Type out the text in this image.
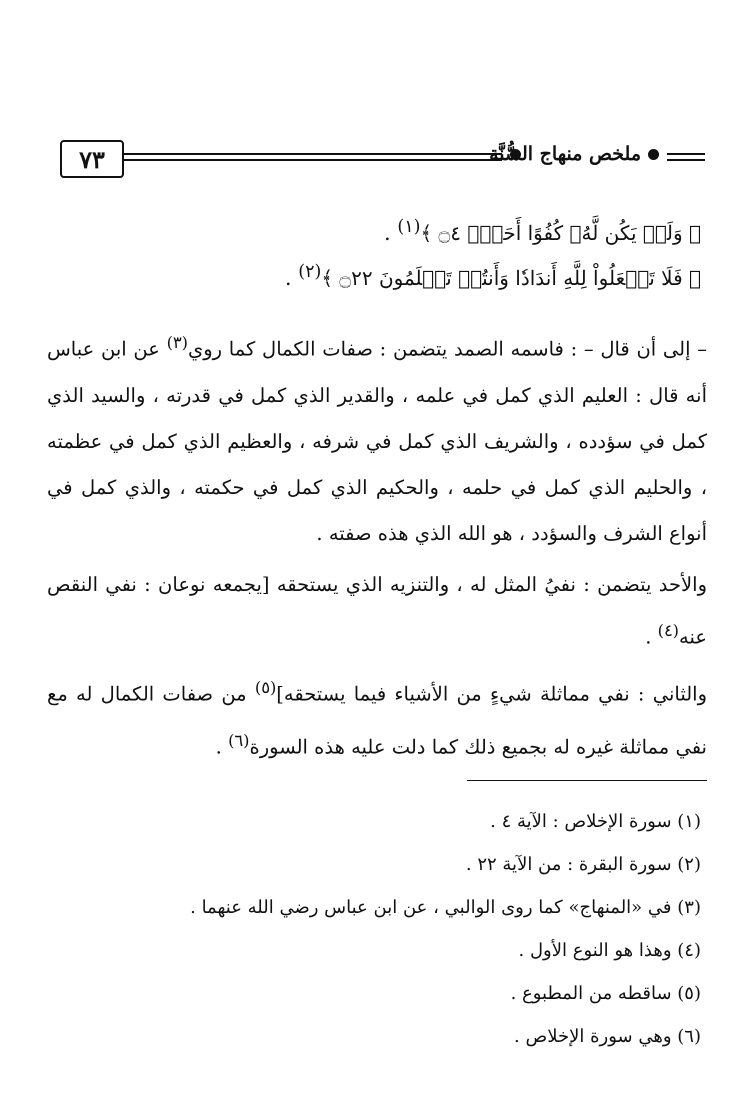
٧٣	ملخص منهاج السُّنَّة
﴿ وَلَمۡ يَكُن لَّهُۥ كُفُوًا أَحَدُۢ ۝٤ ﴾$^{(١)}$ .
﴿ فَلَا تَجۡعَلُواْ لِلَّهِ أَندَادٗا وَأَنتُمۡ تَعۡلَمُونَ ۝٢٢ ﴾$^{(٢)}$ .

– إلى أن قال – : فاسمه الصمد يتضمن : صفات الكمال كما روي$^{(٣)}$ عن ابن عباس أنه قال : العليم الذي كمل في علمه ، والقدير الذي كمل في قدرته ، والسيد الذي كمل في سؤدده ، والشريف الذي كمل في شرفه ، والعظيم الذي كمل في عظمته ، والحليم الذي كمل في حلمه ، والحكيم الذي كمل في حكمته ، والذي كمل في أنواع الشرف والسؤدد ، هو الله الذي هذه صفته .

والأحد يتضمن : نفيُ المثل له ، والتنزيه الذي يستحقه [يجمعه نوعان : نفي النقص عنه$^{(٤)}$ .

والثاني : نفي مماثلة شيءٍ من الأشياء فيما يستحقه]$^{(٥)}$ من صفات الكمال له مع نفي مماثلة غيره له بجميع ذلك كما دلت عليه هذه السورة$^{(٦)}$ .

(١) سورة الإخلاص : الآية ٤ .
(٢) سورة البقرة : من الآية ٢٢ .
(٣) في «المنهاج» كما روى الوالبي ، عن ابن عباس رضي الله عنهما .
(٤) وهذا هو النوع الأول .
(٥) ساقطه من المطبوع .
(٦) وهي سورة الإخلاص .
